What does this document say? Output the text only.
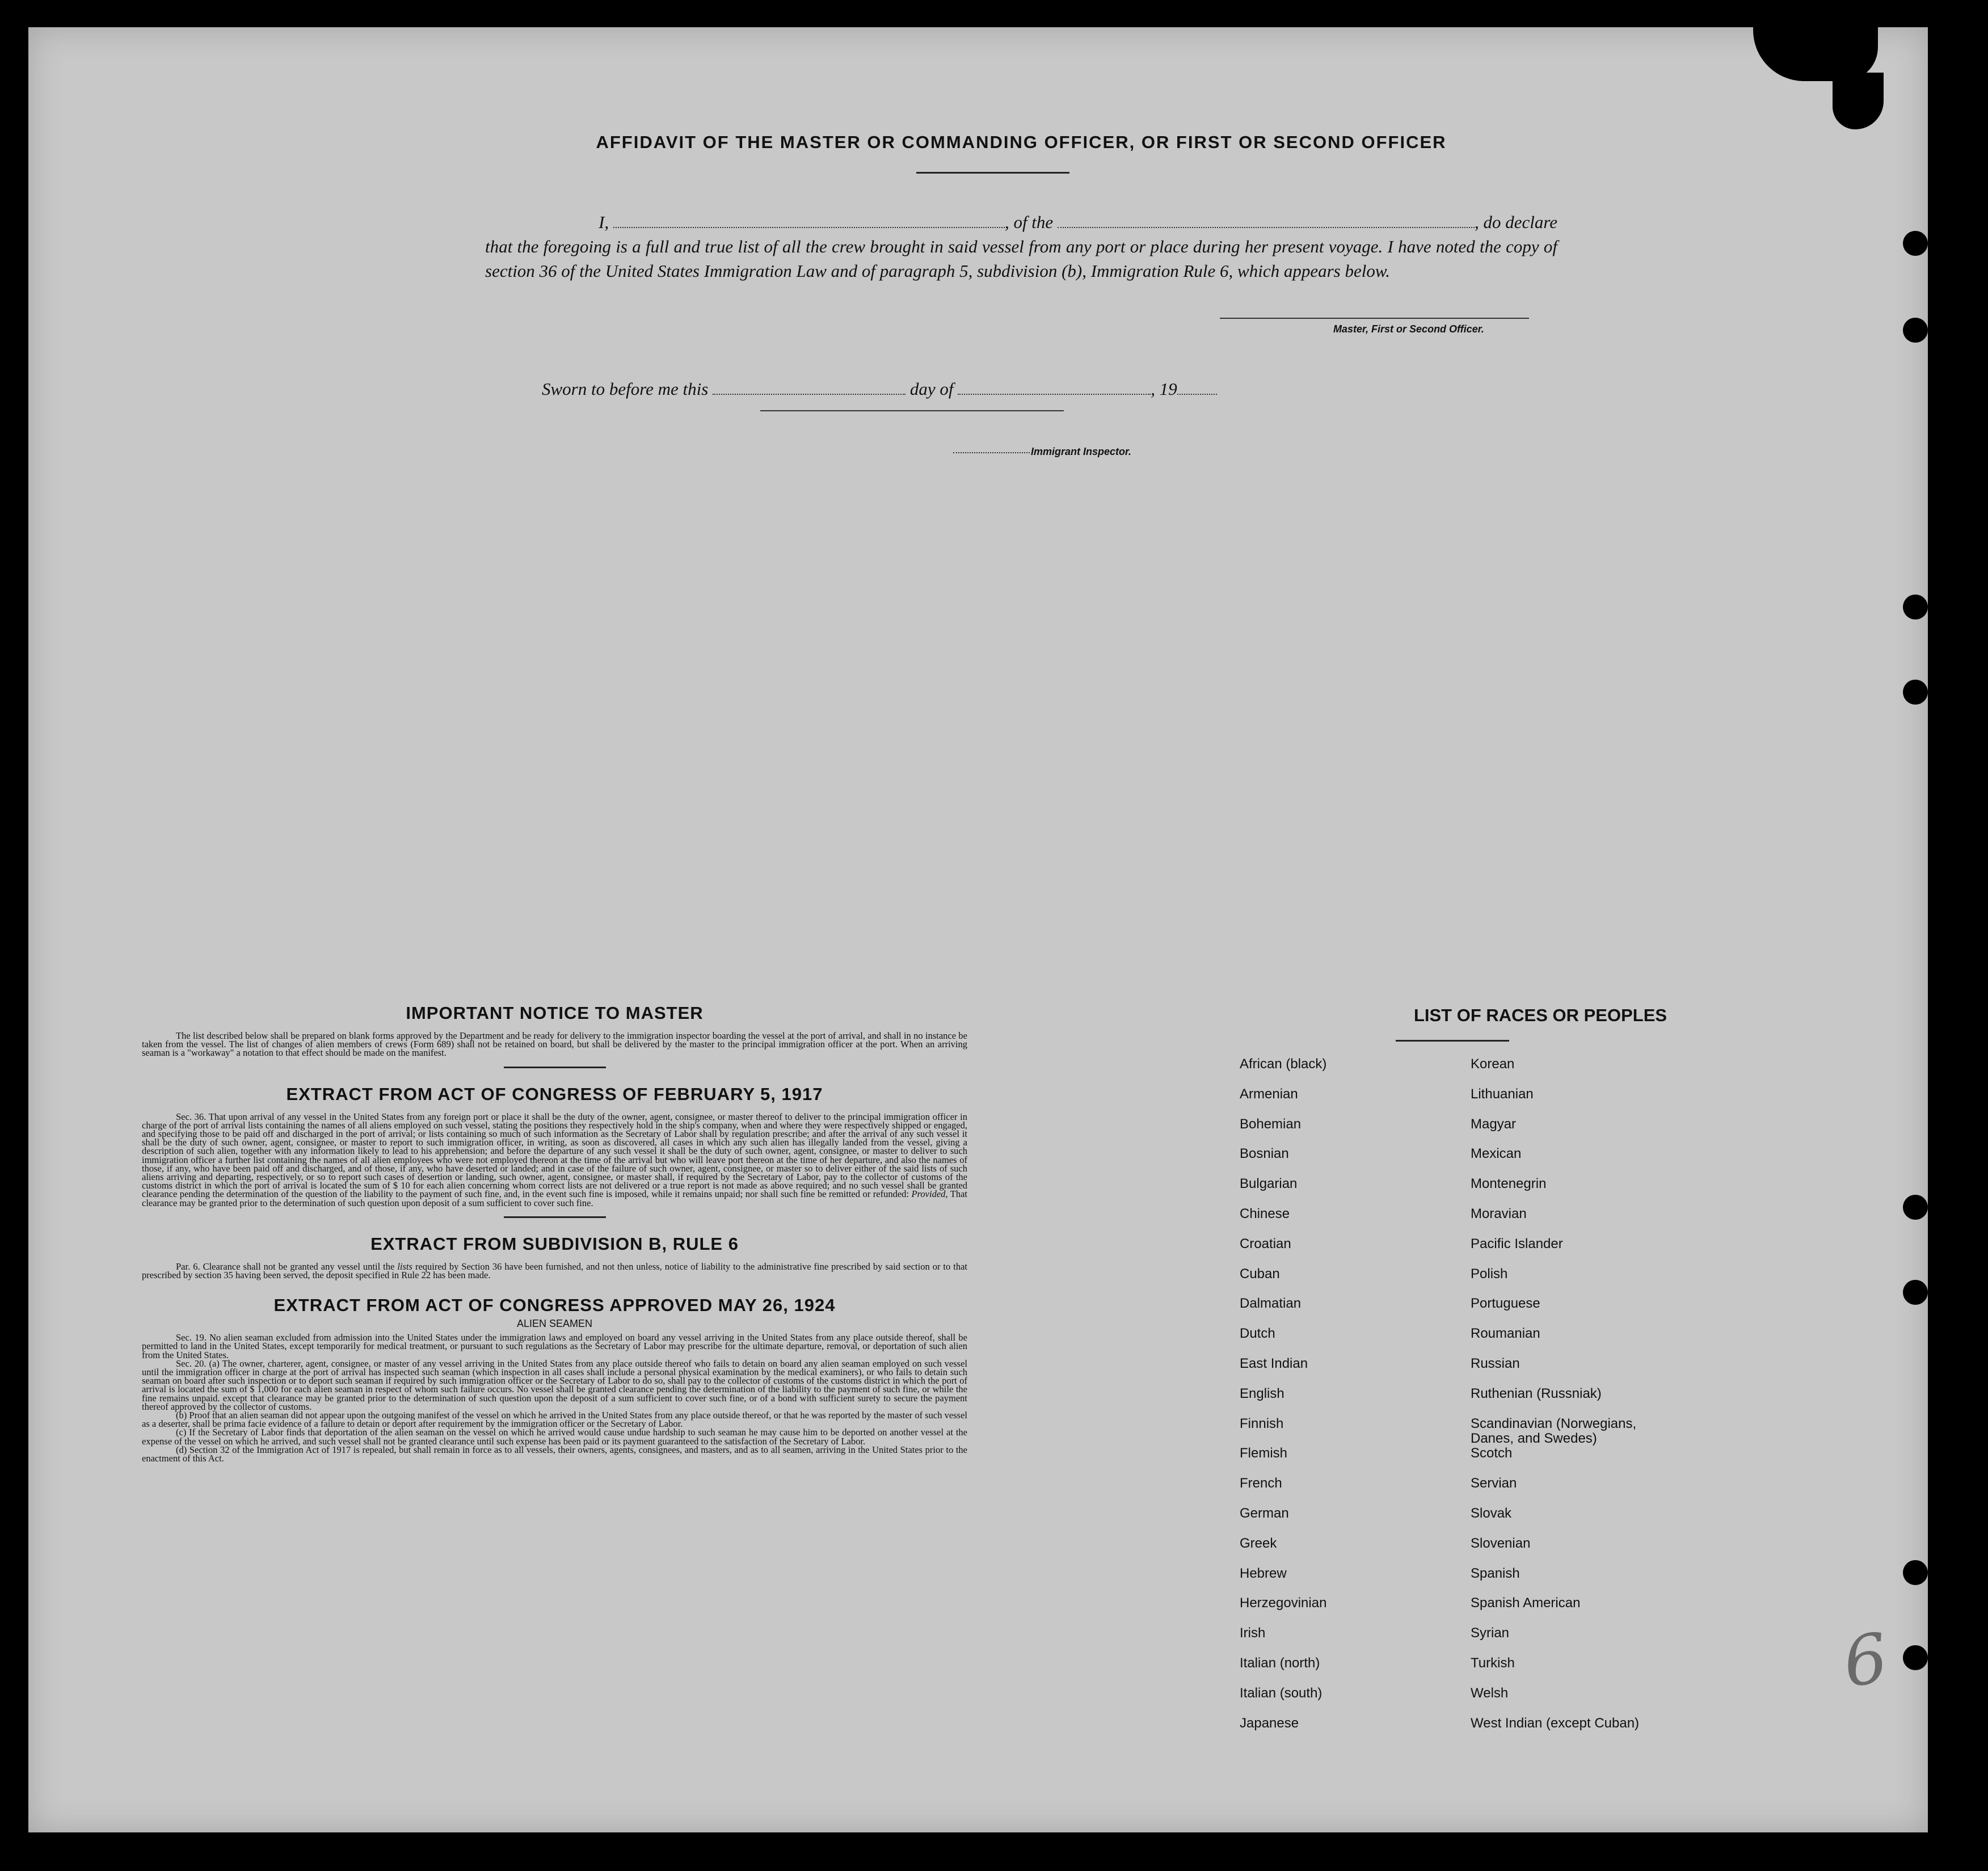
6
AFFIDAVIT OF THE MASTER OR COMMANDING OFFICER, OR FIRST OR SECOND OFFICER
I,	, of the	, do declare
that the foregoing is a full and true list of all the crew brought in said vessel from any port or place during her present voyage. I have noted the copy of section 36 of the United States Immigration Law and of paragraph 5, subdivision (b), Immigration Rule 6, which appears below.
Master, First or Second Officer.
Sworn to before me this	day of	, 19
Immigrant Inspector.

IMPORTANT NOTICE TO MASTER

The list described below shall be prepared on blank forms approved by the Department and be ready for delivery to the immigration inspector boarding the vessel at the port of arrival, and shall in no instance be taken from the vessel. The list of changes of alien members of crews (Form 689) shall not be retained on board, but shall be delivered by the master to the principal immigration officer at the port. When an arriving seaman is a "workaway" a notation to that effect should be made on the manifest.

EXTRACT FROM ACT OF CONGRESS OF FEBRUARY 5, 1917

Sec. 36. That upon arrival of any vessel in the United States from any foreign port or place it shall be the duty of the owner, agent, consignee, or master thereof to deliver to the principal immigration officer in charge of the port of arrival lists containing the names of all aliens employed on such vessel, stating the positions they respectively hold in the ship's company, when and where they were respectively shipped or engaged, and specifying those to be paid off and discharged in the port of arrival; or lists containing so much of such information as the Secretary of Labor shall by regulation prescribe; and after the arrival of any such vessel it shall be the duty of such owner, agent, consignee, or master to report to such immigration officer, in writing, as soon as discovered, all cases in which any such alien has illegally landed from the vessel, giving a description of such alien, together with any information likely to lead to his apprehension; and before the departure of any such vessel it shall be the duty of such owner, agent, consignee, or master to deliver to such immigration officer a further list containing the names of all alien employees who were not employed thereon at the time of the arrival but who will leave port thereon at the time of her departure, and also the names of those, if any, who have been paid off and discharged, and of those, if any, who have deserted or landed; and in case of the failure of such owner, agent, consignee, or master so to deliver either of the said lists of such aliens arriving and departing, respectively, or so to report such cases of desertion or landing, such owner, agent, consignee, or master shall, if required by the Secretary of Labor, pay to the collector of customs of the customs district in which the port of arrival is located the sum of $ 10 for each alien concerning whom correct lists are not delivered or a true report is not made as above required; and no such vessel shall be granted clearance pending the determination of the question of the liability to the payment of such fine, and, in the event such fine is imposed, while it remains unpaid; nor shall such fine be remitted or refunded: Provided, That clearance may be granted prior to the determination of such question upon deposit of a sum sufficient to cover such fine.

EXTRACT FROM SUBDIVISION B, RULE 6

Par. 6. Clearance shall not be granted any vessel until the lists required by Section 36 have been furnished, and not then unless, notice of liability to the administrative fine prescribed by said section or to that prescribed by section 35 having been served, the deposit specified in Rule 22 has been made.

EXTRACT FROM ACT OF CONGRESS APPROVED MAY 26, 1924

ALIEN SEAMEN

Sec. 19. No alien seaman excluded from admission into the United States under the immigration laws and employed on board any vessel arriving in the United States from any place outside thereof, shall be permitted to land in the United States, except temporarily for medical treatment, or pursuant to such regulations as the Secretary of Labor may prescribe for the ultimate departure, removal, or deportation of such alien from the United States.

Sec. 20. (a) The owner, charterer, agent, consignee, or master of any vessel arriving in the United States from any place outside thereof who fails to detain on board any alien seaman employed on such vessel until the immigration officer in charge at the port of arrival has inspected such seaman (which inspection in all cases shall include a personal physical examination by the medical examiners), or who fails to detain such seaman on board after such inspection or to deport such seaman if required by such immigration officer or the Secretary of Labor to do so, shall pay to the collector of customs of the customs district in which the port of arrival is located the sum of $ 1,000 for each alien seaman in respect of whom such failure occurs. No vessel shall be granted clearance pending the determination of the liability to the payment of such fine, or while the fine remains unpaid. except that clearance may be granted prior to the determination of such question upon the deposit of a sum sufficient to cover such fine, or of a bond with sufficient surety to secure the payment thereof approved by the collector of customs.

(b) Proof that an alien seaman did not appear upon the outgoing manifest of the vessel on which he arrived in the United States from any place outside thereof, or that he was reported by the master of such vessel as a deserter, shall be prima facie evidence of a failure to detain or deport after requirement by the immigration officer or the Secretary of Labor.

(c) If the Secretary of Labor finds that deportation of the alien seaman on the vessel on which he arrived would cause undue hardship to such seaman he may cause him to be deported on another vessel at the expense of the vessel on which he arrived, and such vessel shall not be granted clearance until such expense has been paid or its payment guaranteed to the satisfaction of the Secretary of Labor.

(d) Section 32 of the Immigration Act of 1917 is repealed, but shall remain in force as to all vessels, their owners, agents, consignees, and masters, and as to all seamen, arriving in the United States prior to the enactment of this Act.

LIST OF RACES OR PEOPLES
African (black)
Armenian
Bohemian
Bosnian
Bulgarian
Chinese
Croatian
Cuban
Dalmatian
Dutch
East Indian
English
Finnish
Flemish
French
German
Greek
Hebrew
Herzegovinian
Irish
Italian (north)
Italian (south)
Japanese
Korean
Lithuanian
Magyar
Mexican
Montenegrin
Moravian
Pacific Islander
Polish
Portuguese
Roumanian
Russian
Ruthenian (Russniak)
Scandinavian (Norwegians, Danes, and Swedes)
Scotch
Servian
Slovak
Slovenian
Spanish
Spanish American
Syrian
Turkish
Welsh
West Indian (except Cuban)
